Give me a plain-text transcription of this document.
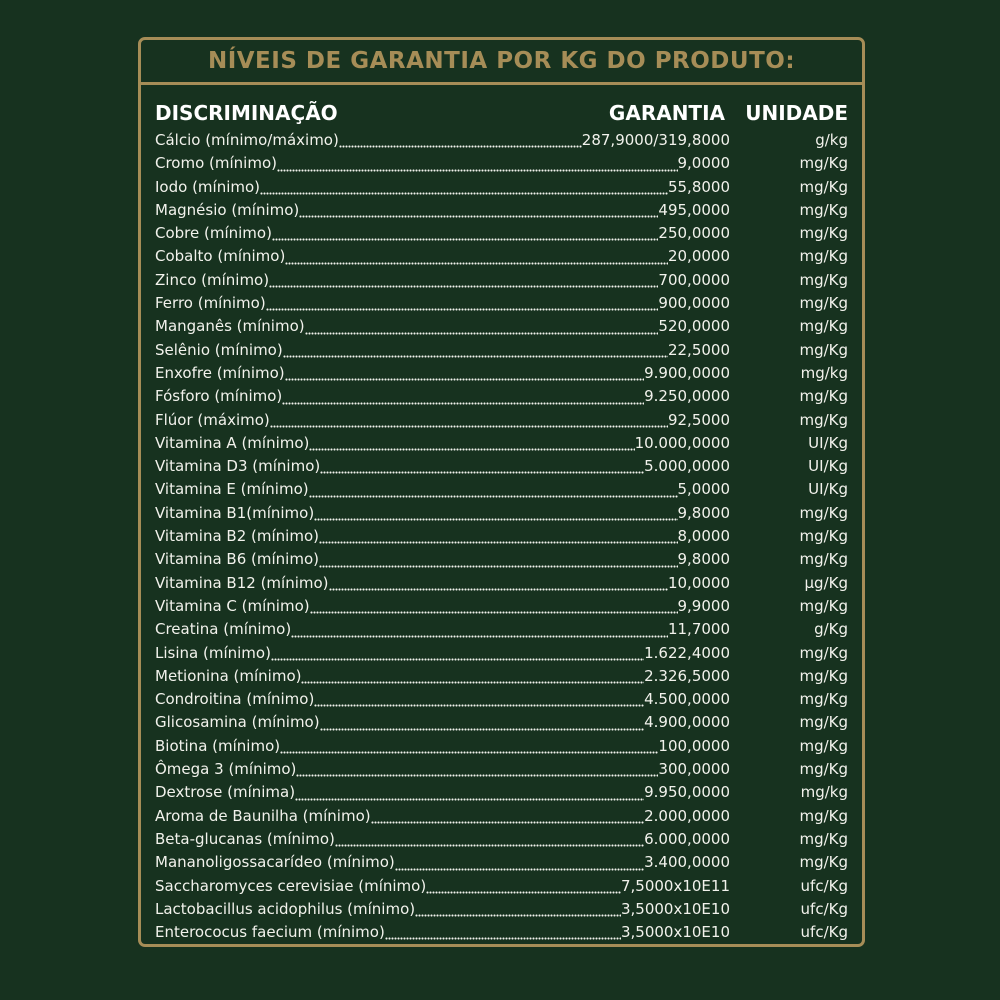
NÍVEIS DE GARANTIA POR KG DO PRODUTO:
DISCRIMINAÇÃO	GARANTIA UNIDADE
Cálcio (mínimo/máximo)	287,9000/319,8000	g/kg
Cromo (mínimo)	9,0000	mg/Kg
Iodo (mínimo)	55,8000	mg/Kg
Magnésio (mínimo)	495,0000	mg/Kg
Cobre (mínimo)	250,0000	mg/Kg
Cobalto (mínimo)	20,0000	mg/Kg
Zinco (mínimo)	700,0000	mg/Kg
Ferro (mínimo)	900,0000	mg/Kg
Manganês (mínimo)	520,0000	mg/Kg
Selênio (mínimo)	22,5000	mg/Kg
Enxofre (mínimo)	9.900,0000	mg/kg
Fósforo (mínimo)	9.250,0000	mg/Kg
Flúor (máximo)	92,5000	mg/Kg
Vitamina A (mínimo)	10.000,0000	UI/Kg
Vitamina D3 (mínimo)	5.000,0000	UI/Kg
Vitamina E (mínimo)	5,0000	UI/Kg
Vitamina B1(mínimo)	9,8000	mg/Kg
Vitamina B2 (mínimo)	8,0000	mg/Kg
Vitamina B6 (mínimo)	9,8000	mg/Kg
Vitamina B12 (mínimo)	10,0000	µg/Kg
Vitamina C (mínimo)	9,9000	mg/Kg
Creatina (mínimo)	11,7000	g/Kg
Lisina (mínimo)	1.622,4000	mg/Kg
Metionina (mínimo)	2.326,5000	mg/Kg
Condroitina (mínimo)	4.500,0000	mg/Kg
Glicosamina (mínimo)	4.900,0000	mg/Kg
Biotina (mínimo)	100,0000	mg/Kg
Ômega 3 (mínimo)	300,0000	mg/Kg
Dextrose (mínima)	9.950,0000	mg/kg
Aroma de Baunilha (mínimo)	2.000,0000	mg/Kg
Beta-glucanas (mínimo)	6.000,0000	mg/Kg
Mananoligossacarídeo (mínimo)	3.400,0000	mg/Kg
Saccharomyces cerevisiae (mínimo)	7,5000x10E11	ufc/Kg
Lactobacillus acidophilus (mínimo)	3,5000x10E10	ufc/Kg
Enterococus faecium (mínimo)	3,5000x10E10	ufc/Kg
